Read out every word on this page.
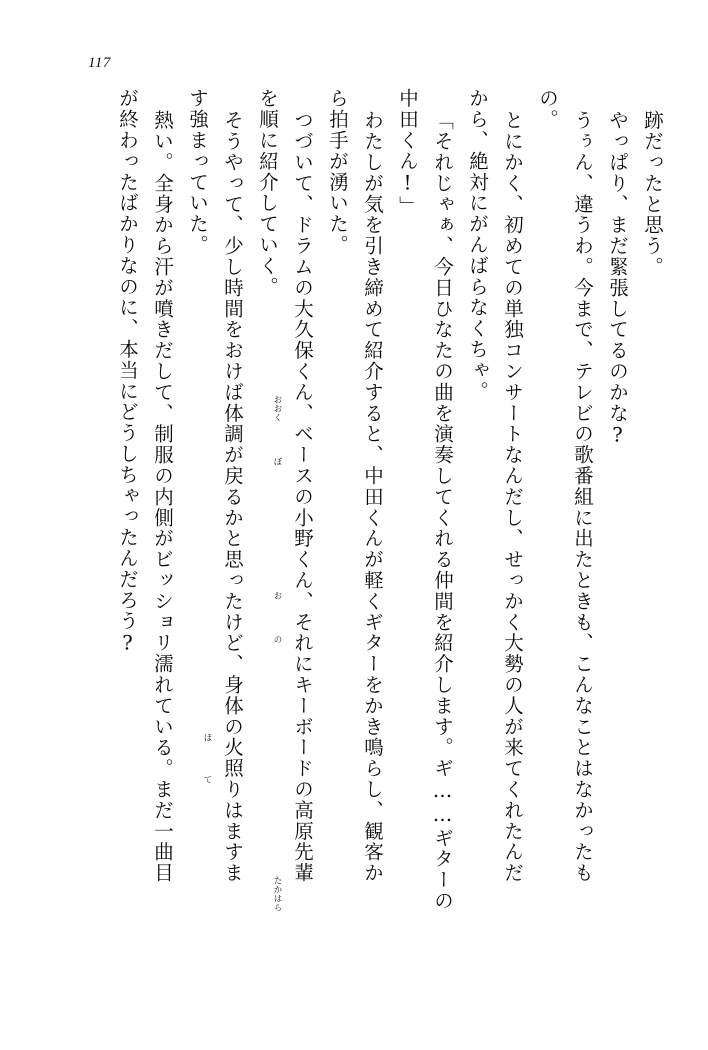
117
跡だったと思う。
やっぱり、まだ緊張してるのかな?
うぅん、違うわ。今まで、テレビの歌番組に出たときも、こんなことはなかったも
の。
とにかく、初めての単独コンサートなんだし、せっかく大勢の人が来てくれたんだ
から、絶対にがんばらなくちゃ。
「それじゃぁ、今日ひなたの曲を演奏してくれる仲間を紹介します。ギ……ギターの
中田くん!」
わたしが気を引き締めて紹介すると、中田くんが軽くギターをかき鳴らし、観客か
ら拍手が湧いた。
つづいて、ドラムの大久保くん、ベースの小野くん、それにキーボードの高原先輩
を順に紹介していく。
そうやって、少し時間をおけば体調が戻るかと思ったけど、身体の火照りはますま
す強まっていた。
熱い。全身から汗が噴きだして、制服の内側がビッショリ濡れている。まだ一曲目
が終わったばかりなのに、本当にどうしちゃったんだろう?	おおく
ぼ
お
の
たかはら
ほ
て
